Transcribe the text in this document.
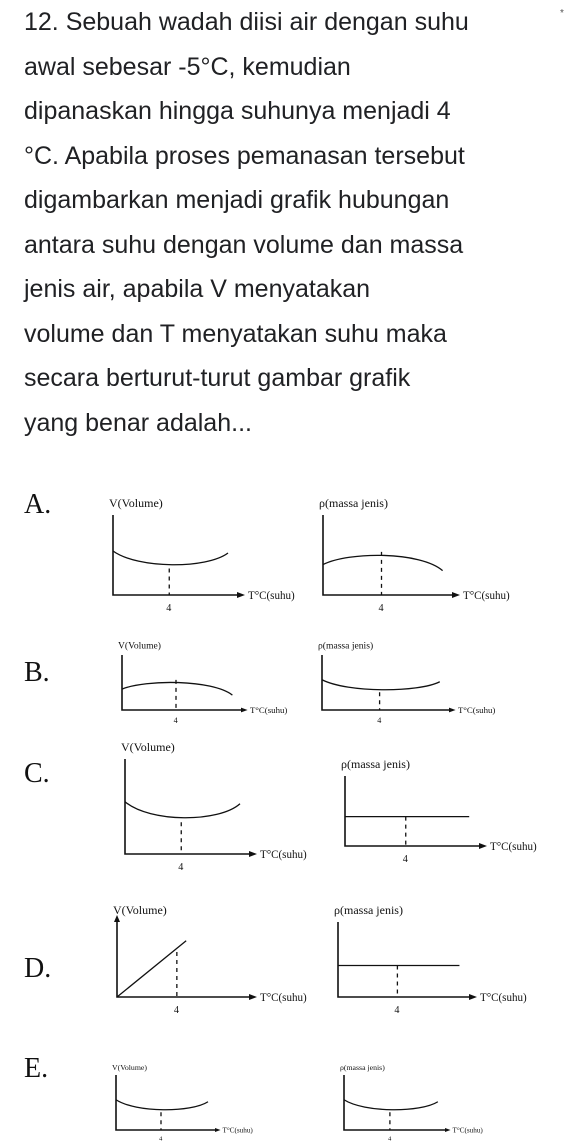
12. Sebuah wadah diisi air dengan suhu
awal sebesar -5°C, kemudian
dipanaskan hingga suhunya menjadi 4
°C. Apabila proses pemanasan tersebut
digambarkan menjadi grafik hubungan
antara suhu dengan volume dan massa
jenis air, apabila V menyatakan
volume dan T menyatakan suhu maka
secara berturut-turut gambar grafik
yang benar adalah...
*
A.
B.
C.
D.
E.
V(Volume)
T°C(suhu)
4
ρ(massa jenis)
T°C(suhu)
4
V(Volume)
T°C(suhu)
4
ρ(massa jenis)
T°C(suhu)
4
V(Volume)
T°C(suhu)
4
ρ(massa jenis)
T°C(suhu)
4
V(Volume)
T°C(suhu)
4
ρ(massa jenis)
T°C(suhu)
4
V(Volume)
T°C(suhu)
4
ρ(massa jenis)
T°C(suhu)
4
